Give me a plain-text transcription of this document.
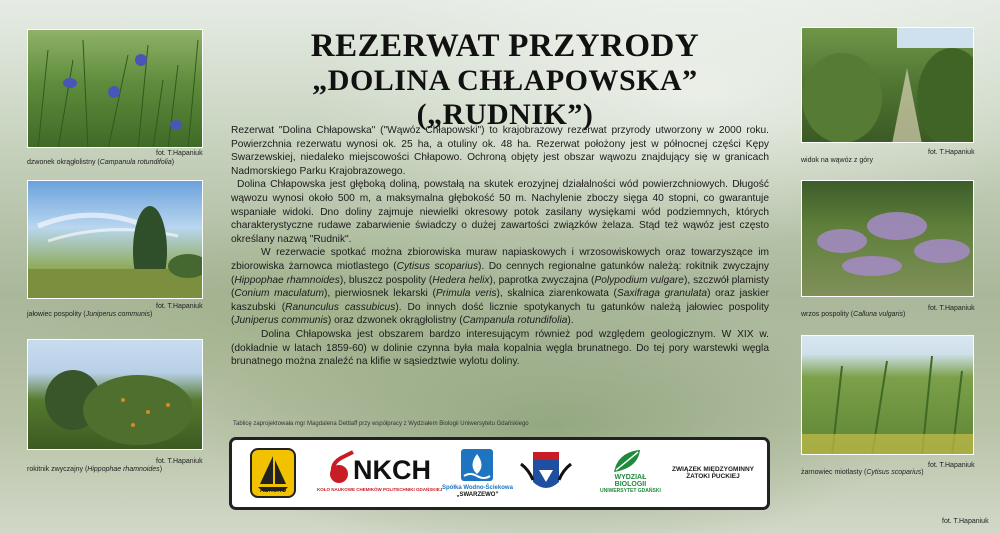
fot. T.Hapaniuk
dzwonek okrągłolistny (Campanula rotundifolia)
fot. T.Hapaniuk
jałowiec pospolity (Juniperus communis)
fot. T.Hapaniuk
rokitnik zwyczajny (Hippophae rhamnoides)
widok na wąwóz z góry
fot. T.Hapaniuk
wrzos pospolity (Calluna vulgaris)
fot. T.Hapaniuk
żarnowiec miotlasty (Cytisus scoparius)
fot. T.Hapaniuk
fot. T.Hapaniuk
REZERWAT PRZYRODY
„DOLINA CHŁAPOWSKA” („RUDNIK”)

Rezerwat "Dolina Chłapowska" ("Wąwóz Chłapowski") to krajobrazowy rezerwat przyrody utworzony w 2000 roku. Powierzchnia rezerwatu wynosi ok. 25 ha, a otuliny ok. 48 ha. Rezerwat położony jest w północnej części Kępy Swarzewskiej, niedaleko miejscowości Chłapowo. Ochroną objęty jest obszar wąwozu znajdujący się w granicach Nadmorskiego Parku Krajobrazowego.

Dolina Chłapowska jest głęboką doliną, powstałą na skutek erozyjnej działalności wód powierzchniowych. Długość wąwozu wynosi około 500 m, a maksymalna głębokość 50 m. Nachylenie zboczy sięga 40 stopni, co gwarantuje wspaniałe widoki. Dno doliny zajmuje niewielki okresowy potok zasilany wysiękami wód podziemnych, których charakterystyczne rudawe zabarwienie świadczy o dużej zawartości związków żelaza. Stąd też wąwóz jest często określany nazwą "Rudnik".

W rezerwacie spotkać można zbiorowiska muraw napiaskowych i wrzosowiskowych oraz towarzyszące im zbiorowiska żarnowca miotlastego (Cytisus scoparius). Do cennych regionalne gatunków należą: rokitnik zwyczajny (Hippophae rhamnoides), bluszcz pospolity (Hedera helix), paprotka zwyczajna (Polypodium vulgare), szczwół plamisty (Conium maculatum), pierwiosnek lekarski (Primula veris), skalnica ziarenkowata (Saxifraga granulata) oraz jaskier kaszubski (Ranunculus cassubicus). Do innych dość licznie spotykanych tu gatunków należą jałowiec pospolity (Juniperus communis) oraz dzwonek okrągłolistny (Campanula rotundifolia).

Dolina Chłapowska jest obszarem bardzo interesującym również pod względem geologicznym. W XIX w. (dokładnie w latach 1859-60) w dolinie czynna była mała kopalnia węgla brunatnego. Do tej pory warstewki węgla brunatnego można znaleźć na klifie w sąsiedztwie wylotu doliny.

Tablicę zaprojektowała mgr Magdalena Dettlaff przy współpracy z Wydziałem Biologii Uniwersytetu Gdańskiego
ABRUKO
NKCH
KOŁO NAUKOWE CHEMIKÓW POLITECHNIKI GDAŃSKIEJ Spółka Wodno-Ściekowa
„SWARZEWO”
WYDZIAŁ
BIOLOGII
UNIWERSYTET GDAŃSKI
ZWIĄZEK MIĘDZYGMINNY
ZATOKI PUCKIEJ
